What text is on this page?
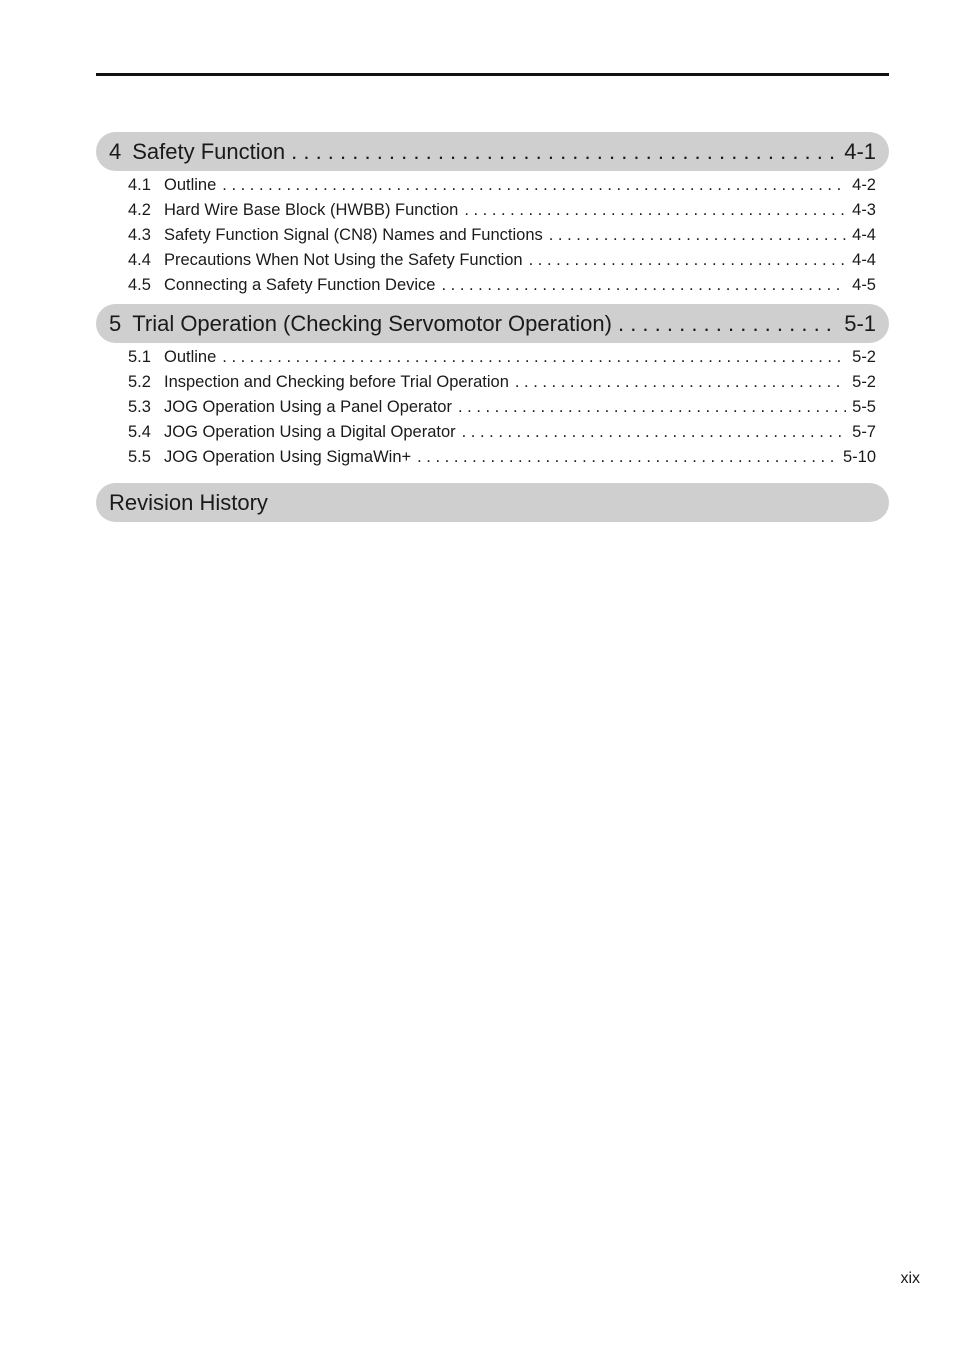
4 Safety Function . . .	4-1
4.1 Outline . . .	4-2
4.2 Hard Wire Base Block (HWBB) Function . . .	4-3
4.3 Safety Function Signal (CN8) Names and Functions . . .	4-4
4.4 Precautions When Not Using the Safety Function . . .	4-4
4.5 Connecting a Safety Function Device . . .	4-5
5 Trial Operation (Checking Servomotor Operation) . . .	5-1
5.1 Outline . . .	5-2
5.2 Inspection and Checking before Trial Operation . . .	5-2
5.3 JOG Operation Using a Panel Operator . . .	5-5
5.4 JOG Operation Using a Digital Operator . . .	5-7
5.5 JOG Operation Using SigmaWin+ . . .	5-10
Revision History
xix
